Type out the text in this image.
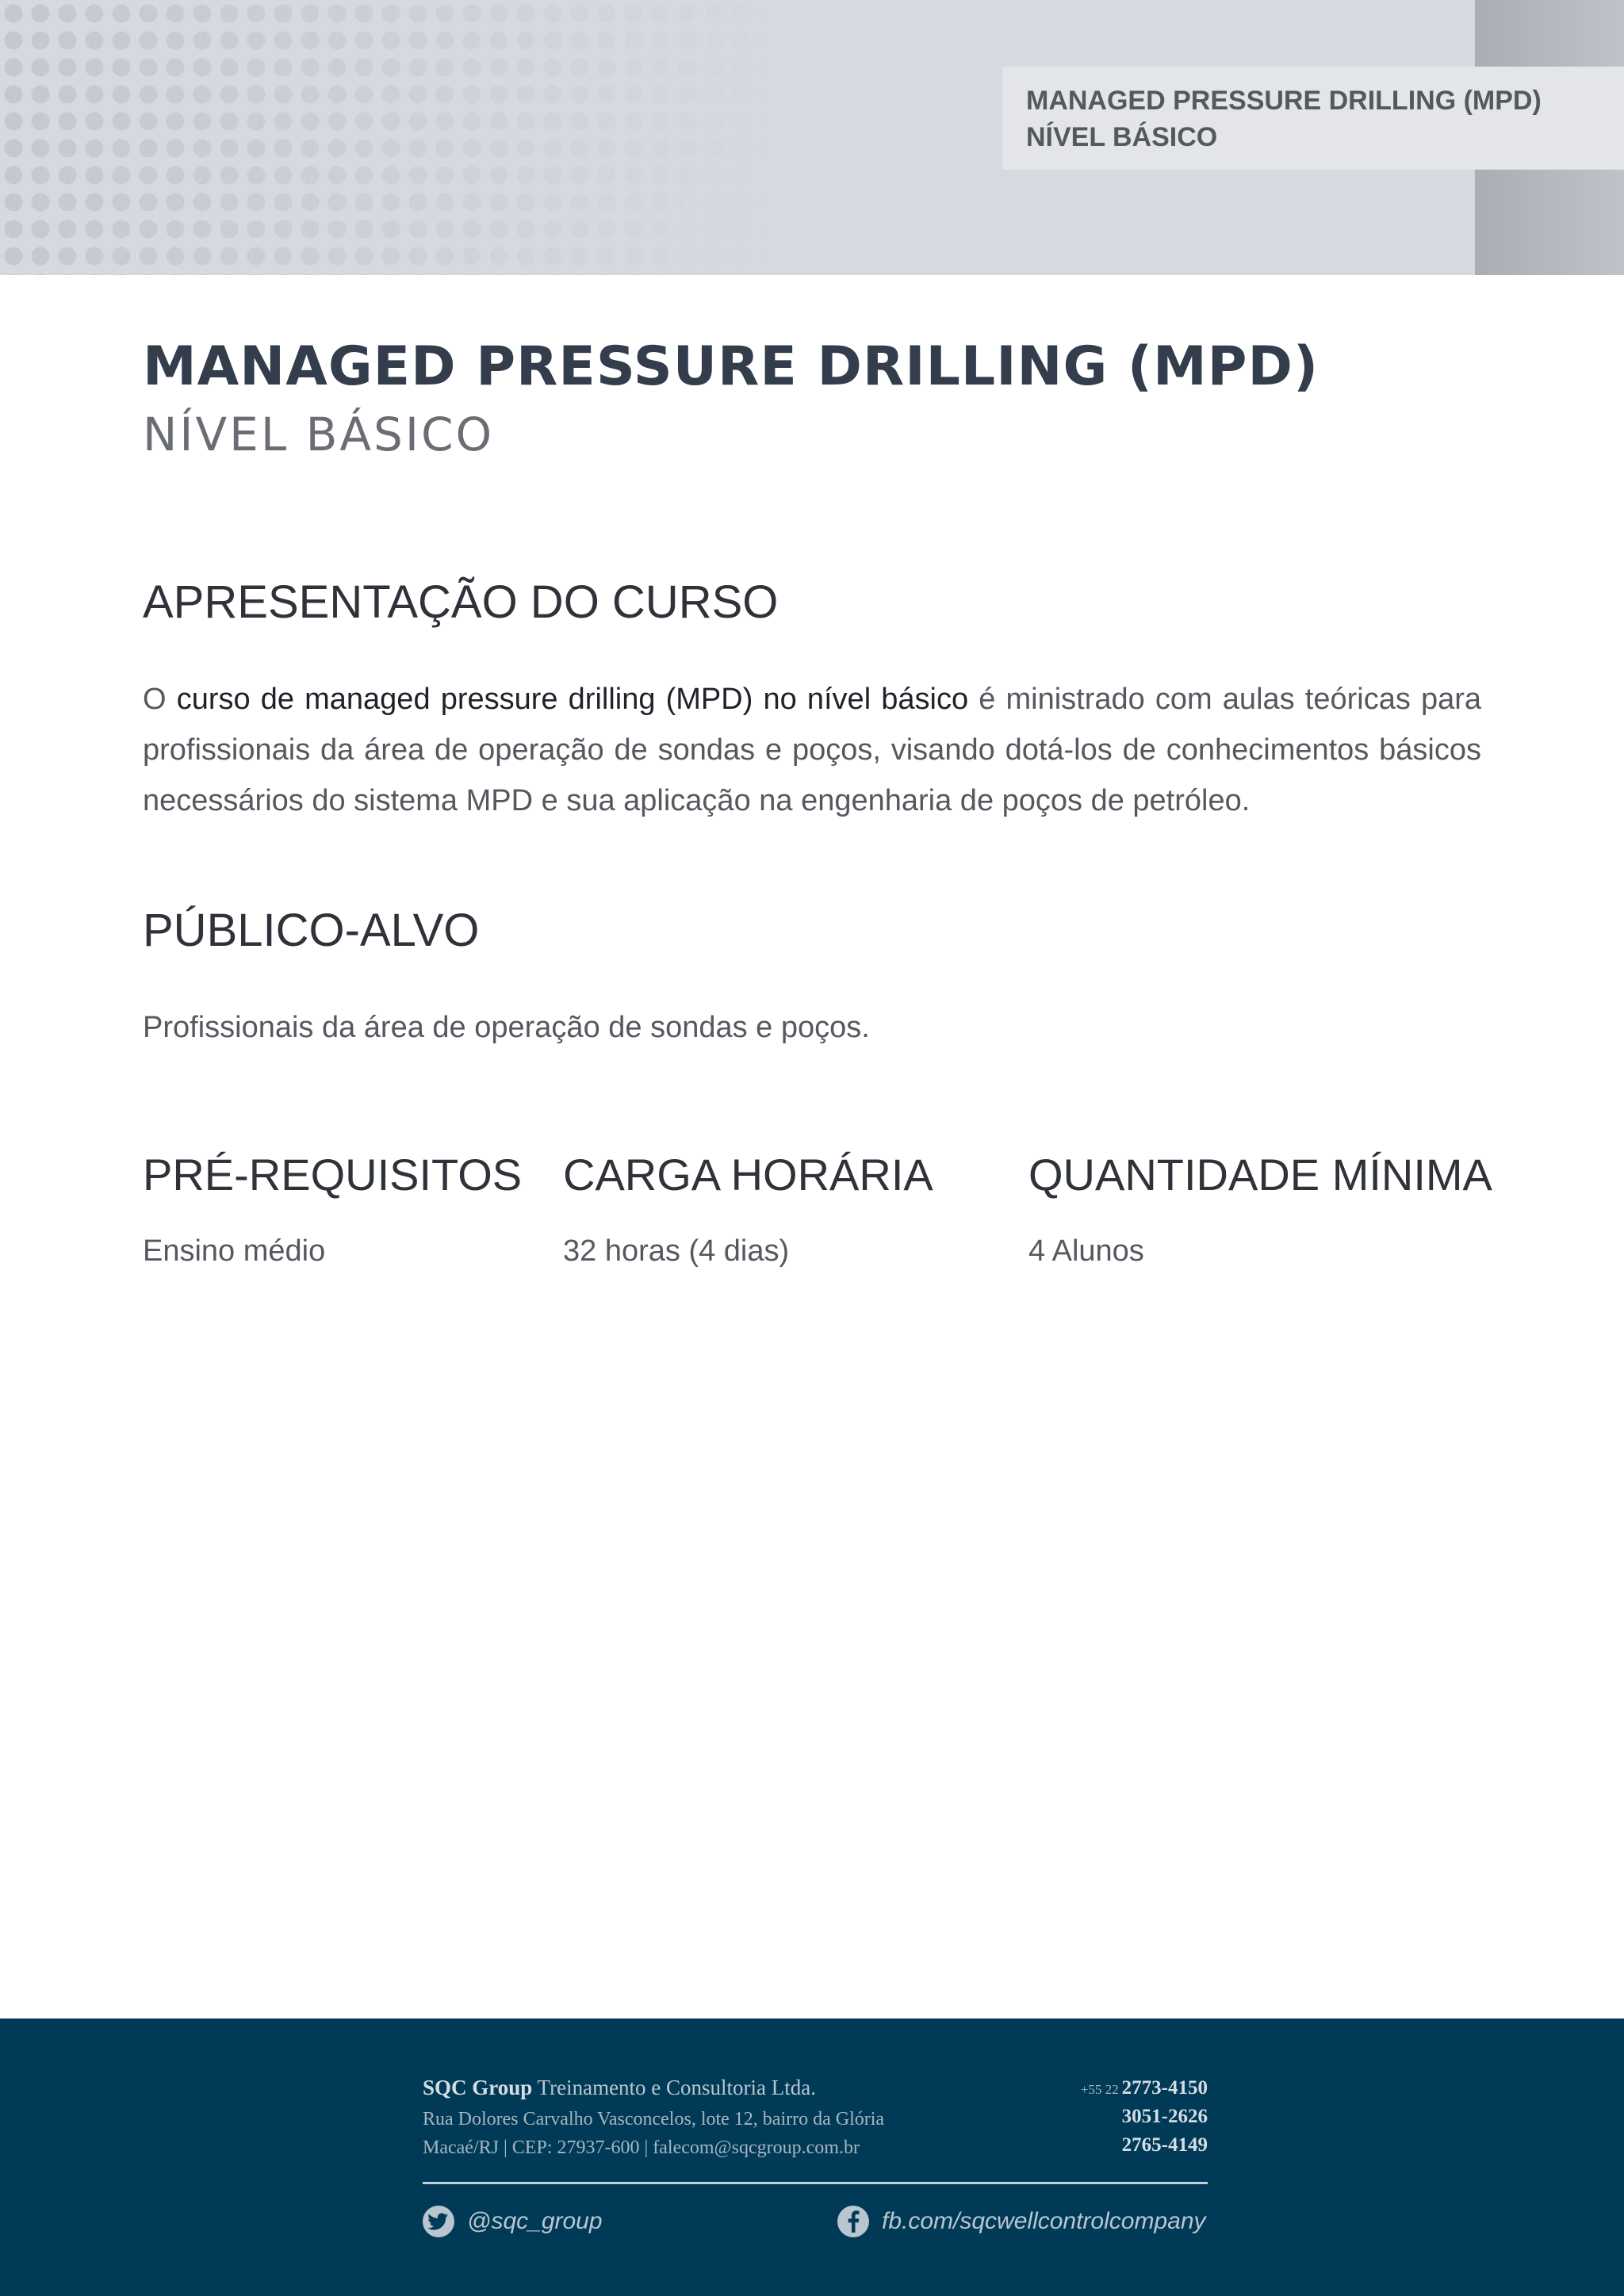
MANAGED PRESSURE DRILLING (MPD)
NÍVEL BÁSICO
MANAGED PRESSURE DRILLING (MPD)
NÍVEL BÁSICO
APRESENTAÇÃO DO CURSO

O curso de managed pressure drilling (MPD) no nível básico é ministrado com aulas teóricas para profissionais da área de operação de sondas e poços, visando dotá-los de conhecimentos básicos necessários do sistema MPD e sua aplicação na engenharia de poços de petróleo.

PÚBLICO-ALVO

Profissionais da área de operação de sondas e poços.

PRÉ-REQUISITOS

Ensino médio

CARGA HORÁRIA

32 horas (4 dias)

QUANTIDADE MÍNIMA

4 Alunos

SQC Group Treinamento e Consultoria Ltda.
Rua Dolores Carvalho Vasconcelos, lote 12, bairro da Glória
Macaé/RJ | CEP: 27937-600 | falecom@sqcgroup.com.br
+55 22 2773-4150
3051-2626
2765-4149
@sqc_group	fb.com/sqcwellcontrolcompany
